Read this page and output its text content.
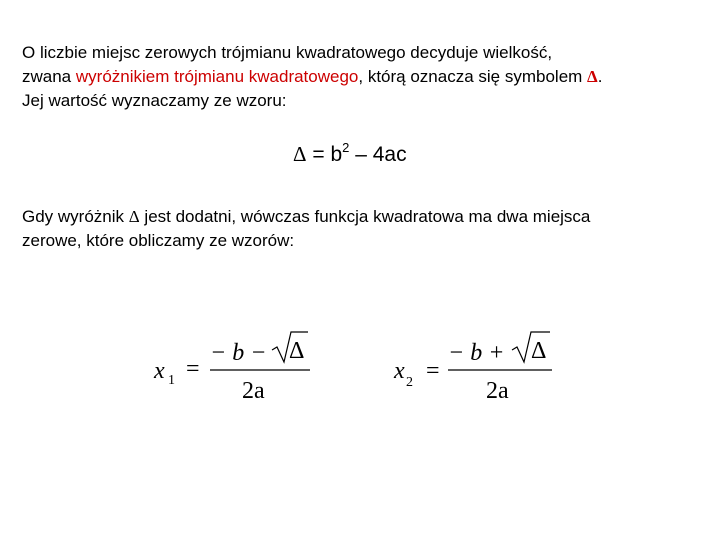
O liczbie miejsc zerowych trójmianu kwadratowego decyduje wielkość,
zwana wyróżnikiem trójmianu kwadratowego, którą oznacza się symbolem Δ.
Jej wartość wyznaczamy ze wzoru:
$\Delta = b^2 - 4ac$
Gdy wyróżnik Δ jest dodatni, wówczas funkcja kwadratowa ma dwa miejsca
zerowe, które obliczamy ze wzorów:
x 1 =
− b − Δ
2a
x 2 =
− b + Δ
2a
